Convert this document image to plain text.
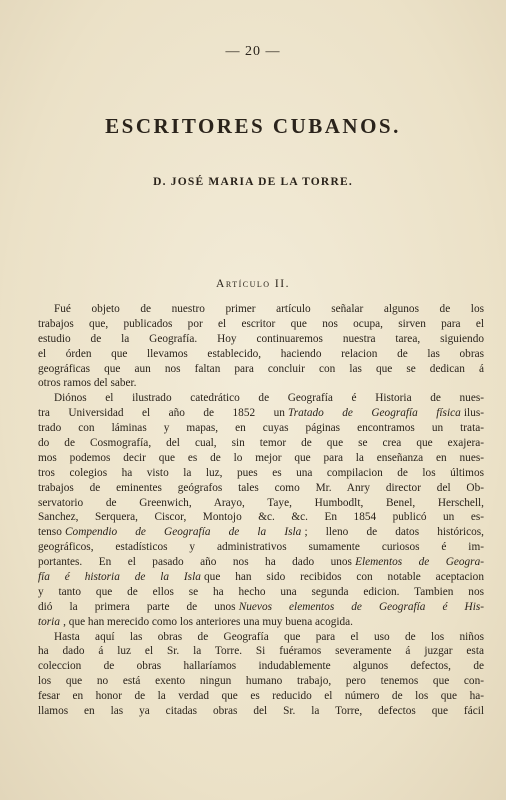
— 20 —
ESCRITORES CUBANOS.
D. JOSÉ MARIA DE LA TORRE.
Artículo II.
Fué objeto de nuestro primer artículo señalar algunos de los
trabajos que, publicados por el escritor que nos ocupa, sirven para el
estudio de la Geografía. Hoy continuaremos nuestra tarea, siguiendo
el órden que llevamos establecido, haciendo relacion de las obras
geográficas que aun nos faltan para concluir con las que se dedican á
otros ramos del saber.
Diónos el ilustrado catedrático de Geografía é Historia de nues-
tra Universidad el año de 1852 un Tratado de Geografía física ilus-
trado con láminas y mapas, en cuyas páginas encontramos un trata-
do de Cosmografía, del cual, sin temor de que se crea que exajera-
mos podemos decir que es de lo mejor que para la enseñanza en nues-
tros colegios ha visto la luz, pues es una compilacion de los últimos
trabajos de eminentes geógrafos tales como Mr. Anry director del Ob-
servatorio de Greenwich, Arayo, Taye, Humbodlt, Benel, Herschell,
Sanchez, Serquera, Ciscor, Montojo &c. &c. En 1854 publicó un es-
tenso Compendio de Geografía de la Isla ; lleno de datos históricos,
geográficos, estadísticos y administrativos sumamente curiosos é im-
portantes. En el pasado año nos ha dado unos Elementos de Geogra-
fía é historia de la Isla que han sido recibidos con notable aceptacion
y tanto que de ellos se ha hecho una segunda edicion. Tambien nos
dió la primera parte de unos Nuevos elementos de Geografía é His-
toria , que han merecido como los anteriores una muy buena acogida.
Hasta aquí las obras de Geografía que para el uso de los niños
ha dado á luz el Sr. la Torre. Si fuéramos severamente á juzgar esta
coleccion de obras hallaríamos indudablemente algunos defectos, de
los que no está exento ningun humano trabajo, pero tenemos que con-
fesar en honor de la verdad que es reducido el número de los que ha-
llamos en las ya citadas obras del Sr. la Torre, defectos que fácil
